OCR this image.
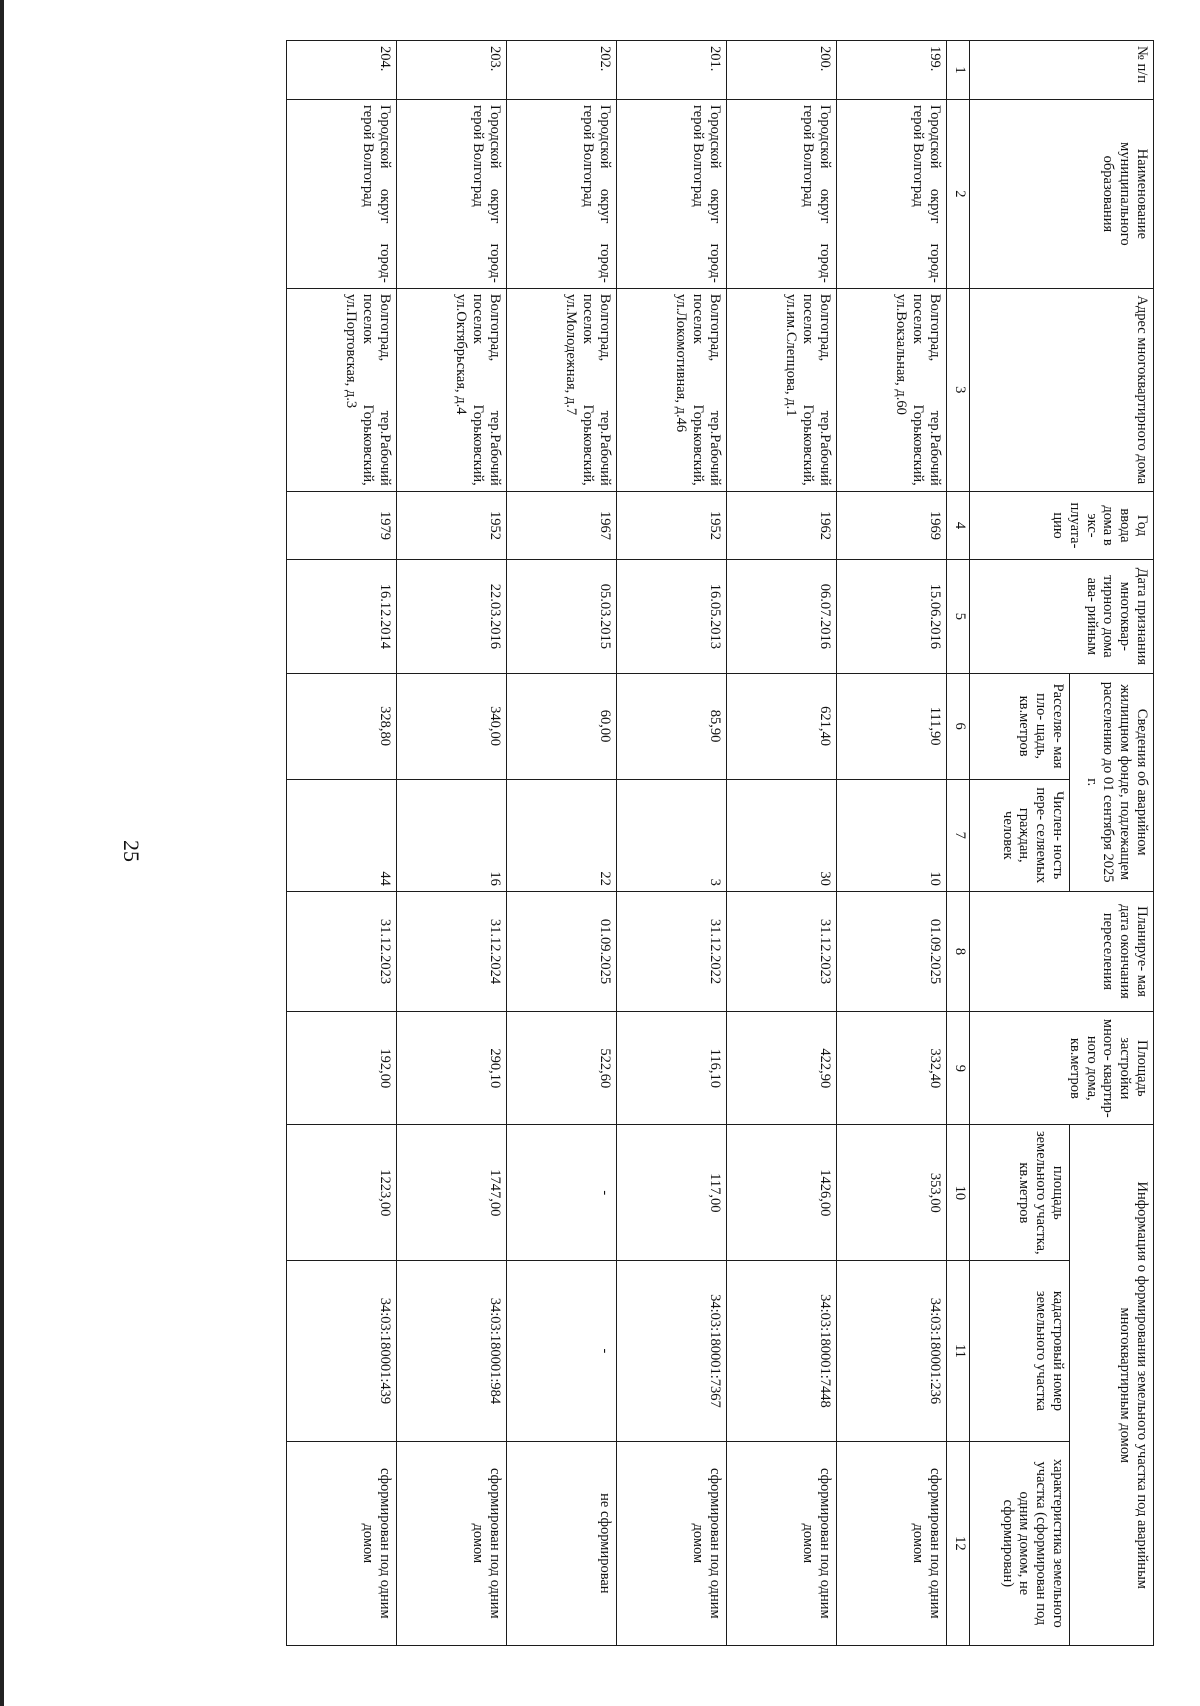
25
№ п/п	Наименование муниципального образования	Адрес многоквартирного дома	Год ввода дома в экс- плуата- цию	Дата признания многоквар- тирного дома ава- рийным	Сведения об аварийном жилищном фонде, подлежащем расселению до 01 сентября 2025 г.		Планируе- мая дата окончания переселения	Площадь застройки много- квартир- ного дома, кв.метров	Информация о формировании земельного участка под аварийным многоквартирным домом		
					Расселяе- мая пло- щадь, кв.метров	Числен- ность пере- селяемых граждан, человек			площадь земельного участка, кв.метров	кадастровый номер земельного участка	характеристика земельного участка (сформирован под одним домом, не сформирован)
1	2	3	4	5	6	7	8	9	10	11	12
199.	Городской округ город-герой Волгоград	Волгоград, тер.Рабочий поселок Горьковский, ул.Вокзальная, д.60	1969	15.06.2016	111,90	10	01.09.2025	332,40	353,00	34:03:180001:236	сформирован под одним домом
200.	Городской округ город-герой Волгоград	Волгоград, тер.Рабочий поселок Горьковский, ул.им.Слепцова, д.1	1962	06.07.2016	621,40	30	31.12.2023	422,90	1426,00	34:03:180001:7448	сформирован под одним домом
201.	Городской округ город-герой Волгоград	Волгоград, тер.Рабочий поселок Горьковский, ул.Локомотивная, д.46	1952	16.05.2013	85,90	3	31.12.2022	116,10	117,00	34:03:180001:7367	сформирован под одним домом
202.	Городской округ город-герой Волгоград	Волгоград, тер.Рабочий поселок Горьковский, ул.Молодежная, д.7	1967	05.03.2015	60,00	22	01.09.2025	522,60	-	-	не сформирован
203.	Городской округ город-герой Волгоград	Волгоград, тер.Рабочий поселок Горьковский, ул.Октябрьская, д.4	1952	22.03.2016	340,00	16	31.12.2024	290,10	1747,00	34:03:180001:984	сформирован под одним домом
204.	Городской округ город-герой Волгоград	Волгоград, тер.Рабочий поселок Горьковский, ул.Портовская, д.3	1979	16.12.2014	328,80	44	31.12.2023	192,00	1223,00	34:03:180001:439	сформирован под одним домом
